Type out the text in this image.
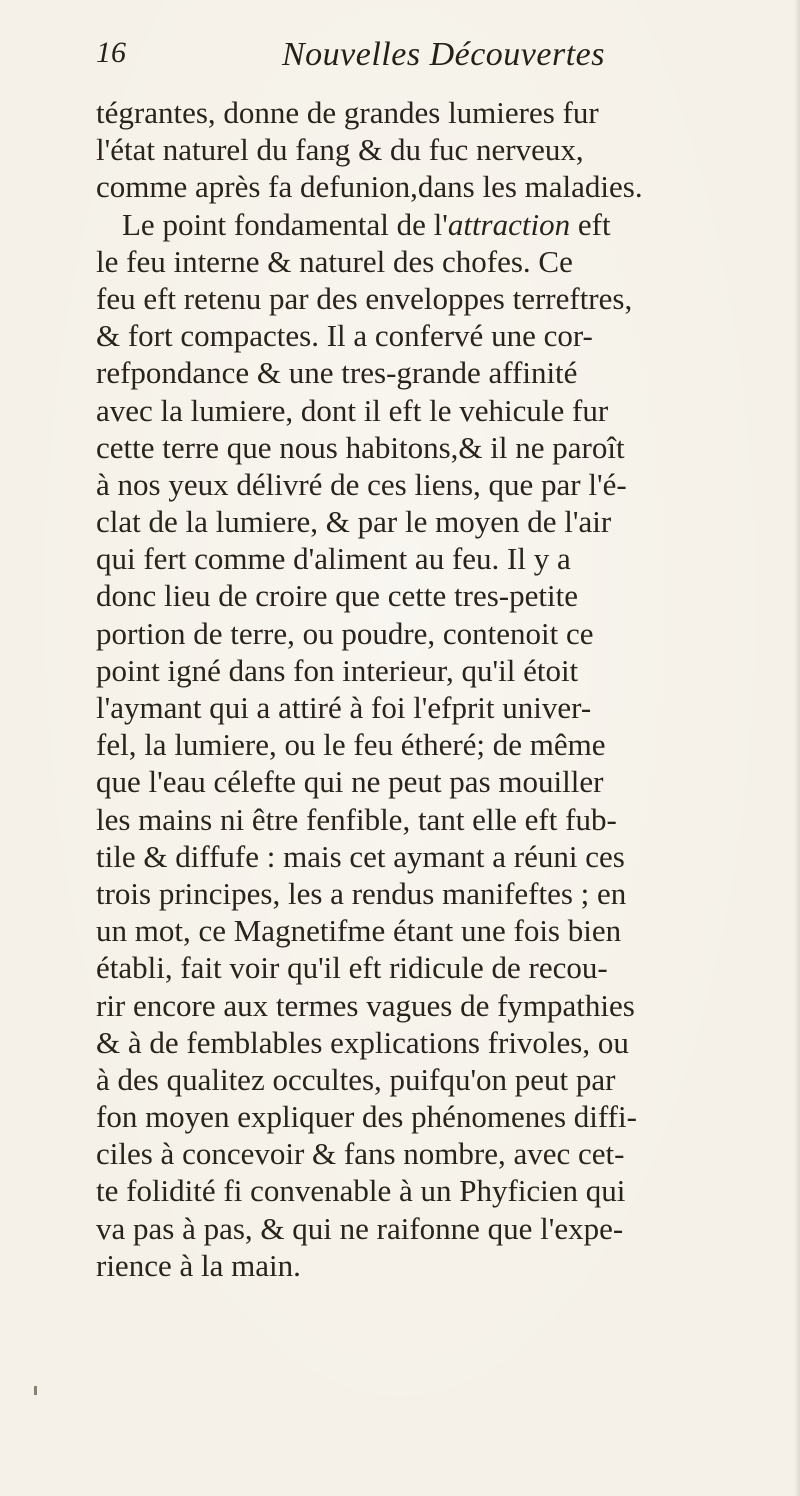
16	Nouvelles Découvertes
tégrantes, donne de grandes lumieres fur
l'état naturel du fang & du fuc nerveux,
comme après fa defunion,dans les maladies.
Le point fondamental de l'attraction eft
le feu interne & naturel des chofes. Ce
feu eft retenu par des enveloppes terreftres,
& fort compactes. Il a confervé une cor-
refpondance & une tres-grande affinité
avec la lumiere, dont il eft le vehicule fur
cette terre que nous habitons,& il ne paroît
à nos yeux délivré de ces liens, que par l'é-
clat de la lumiere, & par le moyen de l'air
qui fert comme d'aliment au feu. Il y a
donc lieu de croire que cette tres-petite
portion de terre, ou poudre, contenoit ce
point igné dans fon interieur, qu'il étoit
l'aymant qui a attiré à foi l'efprit univer-
fel, la lumiere, ou le feu étheré; de même
que l'eau célefte qui ne peut pas mouiller
les mains ni être fenfible, tant elle eft fub-
tile & diffufe : mais cet aymant a réuni ces
trois principes, les a rendus manifeftes ; en
un mot, ce Magnetifme étant une fois bien
établi, fait voir qu'il eft ridicule de recou-
rir encore aux termes vagues de fympathies
& à de femblables explications frivoles, ou
à des qualitez occultes, puifqu'on peut par
fon moyen expliquer des phénomenes diffi-
ciles à concevoir & fans nombre, avec cet-
te folidité fi convenable à un Phyficien qui
va pas à pas, & qui ne raifonne que l'expe-
rience à la main.
